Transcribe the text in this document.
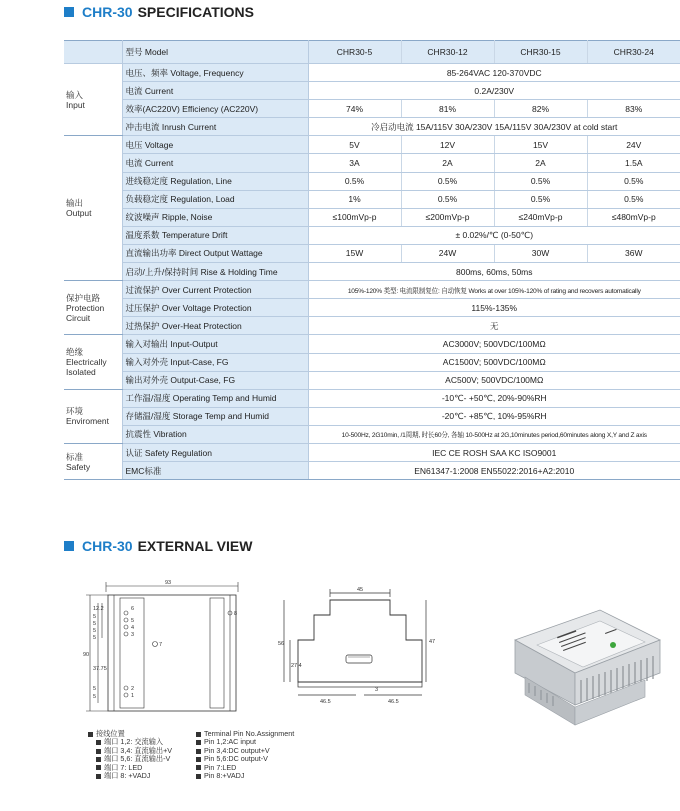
CHR-30 SPECIFICATIONS
	型号 Model	CHR30-5	CHR30-12	CHR30-15	CHR30-24
输入
Input	电压、频率 Voltage, Frequency	85-264VAC 120-370VDC			
	电流 Current	0.2A/230V			
	效率(AC220V) Efficiency (AC220V)	74%	81%	82%	83%
	冲击电流 Inrush Current	冷启动电流 15A/115V 30A/230V 15A/115V 30A/230V at cold start			
输出
Output	电压 Voltage	5V	12V	15V	24V
	电流 Current	3A	2A	2A	1.5A
	进线稳定度 Regulation, Line	0.5%	0.5%	0.5%	0.5%
	负载稳定度 Regulation, Load	1%	0.5%	0.5%	0.5%
	纹波噪声 Ripple, Noise	≤100mVp-p	≤200mVp-p	≤240mVp-p	≤480mVp-p
	温度系数 Temperature Drift	± 0.02%/℃ (0-50℃)			
	直流输出功率 Direct Output Wattage	15W	24W	30W	36W
	启动/上升/保持时间 Rise & Holding Time	800ms, 60ms, 50ms			
保护电路
Protection
Circuit	过流保护 Over Current Protection	105%-120% 类型: 电流限制复位: 自动恢复 Works at over 105%-120% of rating and recovers automatically			
	过压保护 Over Voltage Protection	115%-135%			
	过热保护 Over-Heat Protection	无			
绝缘
Electrically
Isolated	输入对输出 Input-Output	AC3000V; 500VDC/100MΩ			
	输入对外壳 Input-Case, FG	AC1500V; 500VDC/100MΩ			
	输出对外壳 Output-Case, FG	AC500V; 500VDC/100MΩ			
环境
Enviroment	工作温/湿度 Operating Temp and Humid	-10℃- +50℃, 20%-90%RH			
	存储温/湿度 Storage Temp and Humid	-20℃- +85℃, 10%-95%RH			
	抗震性 Vibration	10-500Hz, 2G10min, /1周期, 时长60分, 各轴 10-500Hz at 2G,10minutes period,60minutes along X,Y and Z axis			
标准
Safety	认证 Safety Regulation	IEC CE ROSH SAA KC ISO9001			
	EMC标准	EN61347-1:2008 EN55022:2016+A2:2010			
CHR-30 EXTERNAL VIEW
93
12.2
5
5
5
5
90
37.75
5
5
6
5
4
3
7
2
1
8
45
56	47
27.4
46.5	46.5
3
接线位置
端口 1,2: 交流输入
端口 3,4: 直流输出+V
端口 5,6: 直流输出-V
端口 7: LED
端口 8: +VADJ
Terminal Pin No.Assignment
Pin 1,2:AC input
Pin 3,4:DC output+V
Pin 5,6:DC output-V
Pin 7:LED
Pin 8:+VADJ
